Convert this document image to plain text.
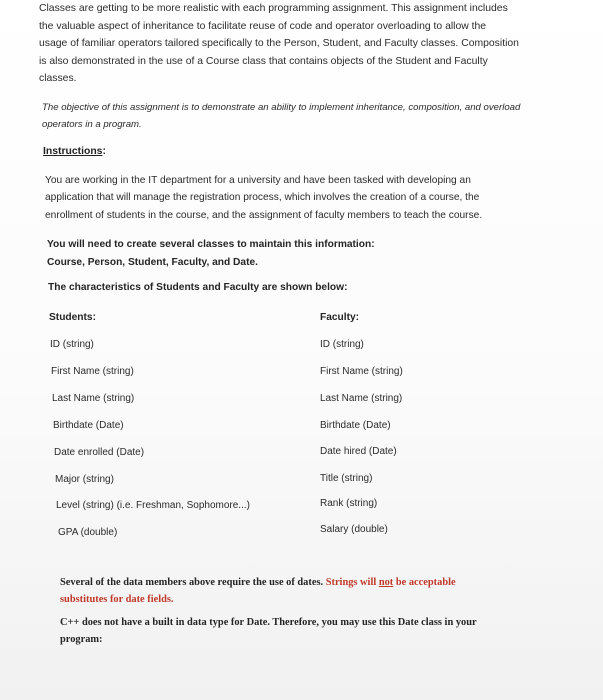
Classes are getting to be more realistic with each programming assignment. This assignment includes
the valuable aspect of inheritance to facilitate reuse of code and operator overloading to allow the
usage of familiar operators tailored specifically to the Person, Student, and Faculty classes. Composition
is also demonstrated in the use of a Course class that contains objects of the Student and Faculty
classes.
The objective of this assignment is to demonstrate an ability to implement inheritance, composition, and overload
operators in a program.
Instructions:
You are working in the IT department for a university and have been tasked with developing an
application that will manage the registration process, which involves the creation of a course, the
enrollment of students in the course, and the assignment of faculty members to teach the course.
You will need to create several classes to maintain this information:
Course, Person, Student, Faculty, and Date.
The characteristics of Students and Faculty are shown below:
Students:	Faculty:
ID (string)
First Name (string)
Last Name (string)
Birthdate (Date)
Date enrolled (Date)
Major (string)
Level (string) (i.e. Freshman, Sophomore...)
GPA (double)
ID (string)
First Name (string)
Last Name (string)
Birthdate (Date)
Date hired (Date)
Title (string)
Rank (string)
Salary (double)
Several of the data members above require the use of dates. Strings will not be acceptable
substitutes for date fields.
C++ does not have a built in data type for Date. Therefore, you may use this Date class in your
program:
